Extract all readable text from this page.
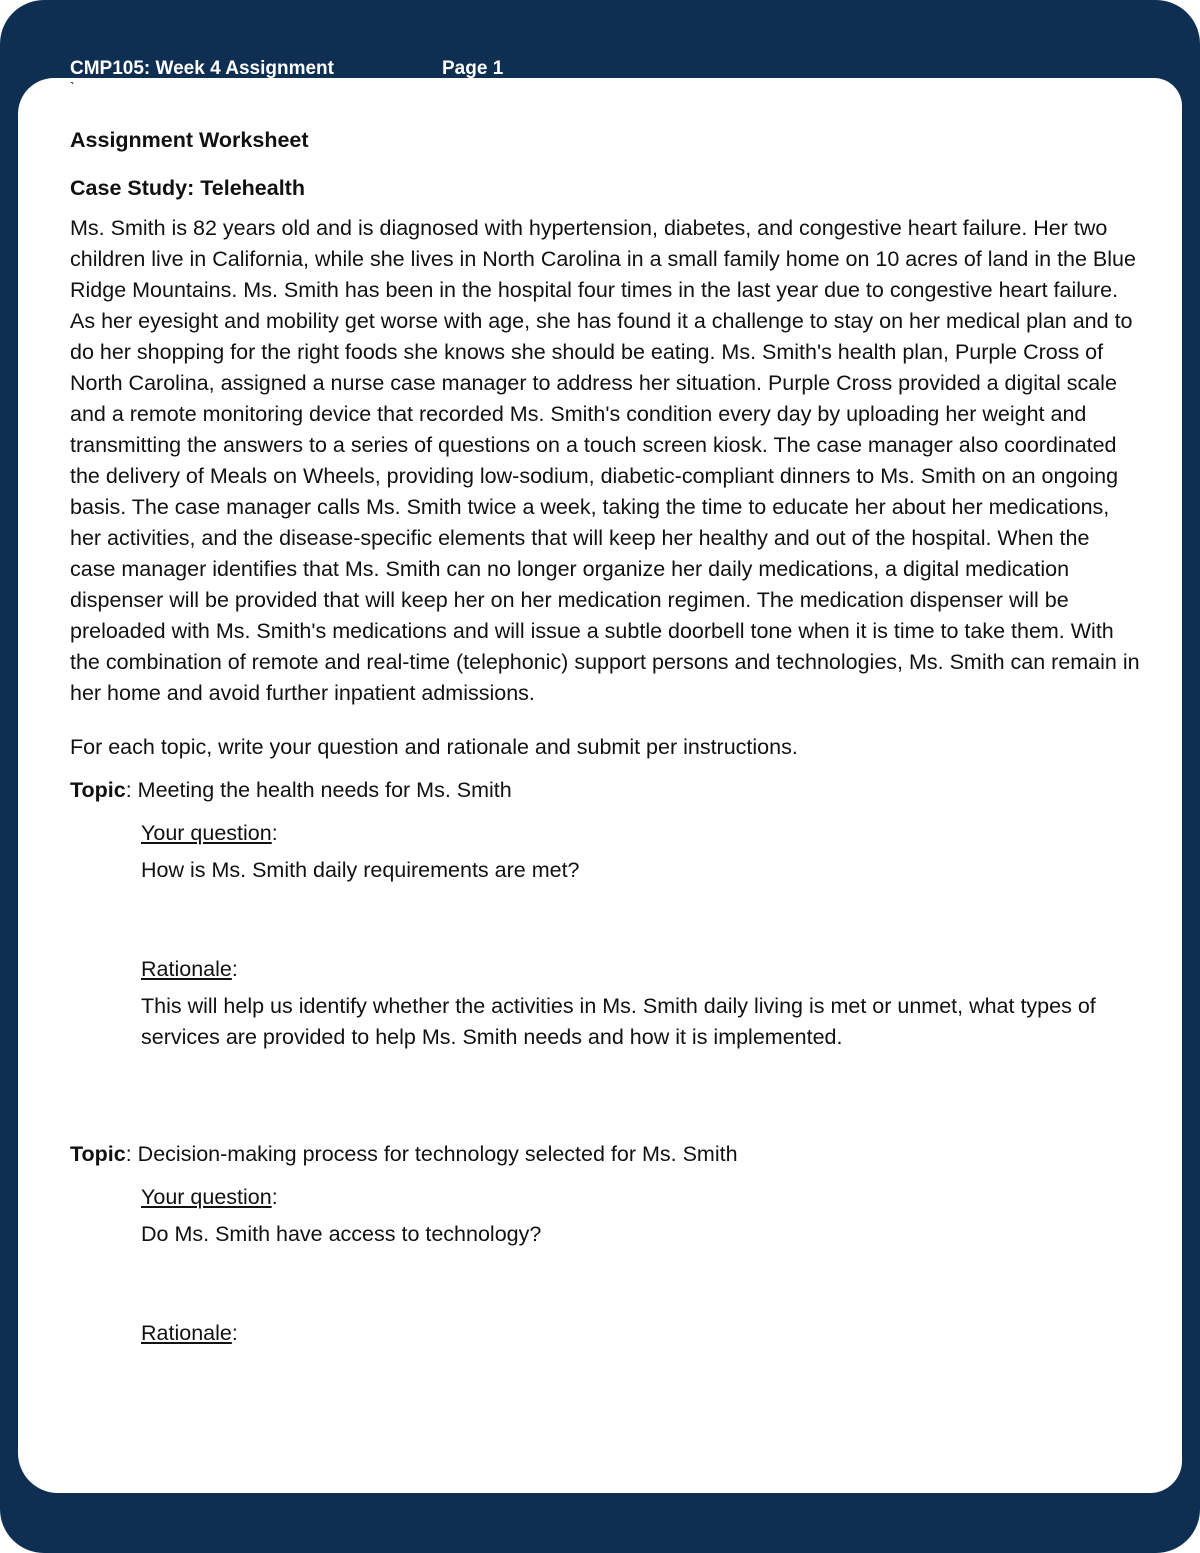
CMP105: Week 4 Assignment	Page 1
`
Assignment Worksheet
Case Study: Telehealth

Ms. Smith is 82 years old and is diagnosed with hypertension, diabetes, and congestive heart failure. Her two children live in California, while she lives in North Carolina in a small family home on 10 acres of land in the Blue Ridge Mountains. Ms. Smith has been in the hospital four times in the last year due to congestive heart failure. As her eyesight and mobility get worse with age, she has found it a challenge to stay on her medical plan and to do her shopping for the right foods she knows she should be eating. Ms. Smith's health plan, Purple Cross of North Carolina, assigned a nurse case manager to address her situation. Purple Cross provided a digital scale and a remote monitoring device that recorded Ms. Smith's condition every day by uploading her weight and transmitting the answers to a series of questions on a touch screen kiosk. The case manager also coordinated the delivery of Meals on Wheels, providing low-sodium, diabetic-compliant dinners to Ms. Smith on an ongoing basis. The case manager calls Ms. Smith twice a week, taking the time to educate her about her medications, her activities, and the disease-specific elements that will keep her healthy and out of the hospital. When the case manager identifies that Ms. Smith can no longer organize her daily medications, a digital medication dispenser will be provided that will keep her on her medication regimen. The medication dispenser will be preloaded with Ms. Smith's medications and will issue a subtle doorbell tone when it is time to take them. With the combination of remote and real-time (telephonic) support persons and technologies, Ms. Smith can remain in her home and avoid further inpatient admissions.

For each topic, write your question and rationale and submit per instructions.

Topic: Meeting the health needs for Ms. Smith
Your question:
How is Ms. Smith daily requirements are met?
Rationale:
This will help us identify whether the activities in Ms. Smith daily living is met or unmet, what types of services are provided to help Ms. Smith needs and how it is implemented.
Topic: Decision-making process for technology selected for Ms. Smith
Your question:
Do Ms. Smith have access to technology?
Rationale:
